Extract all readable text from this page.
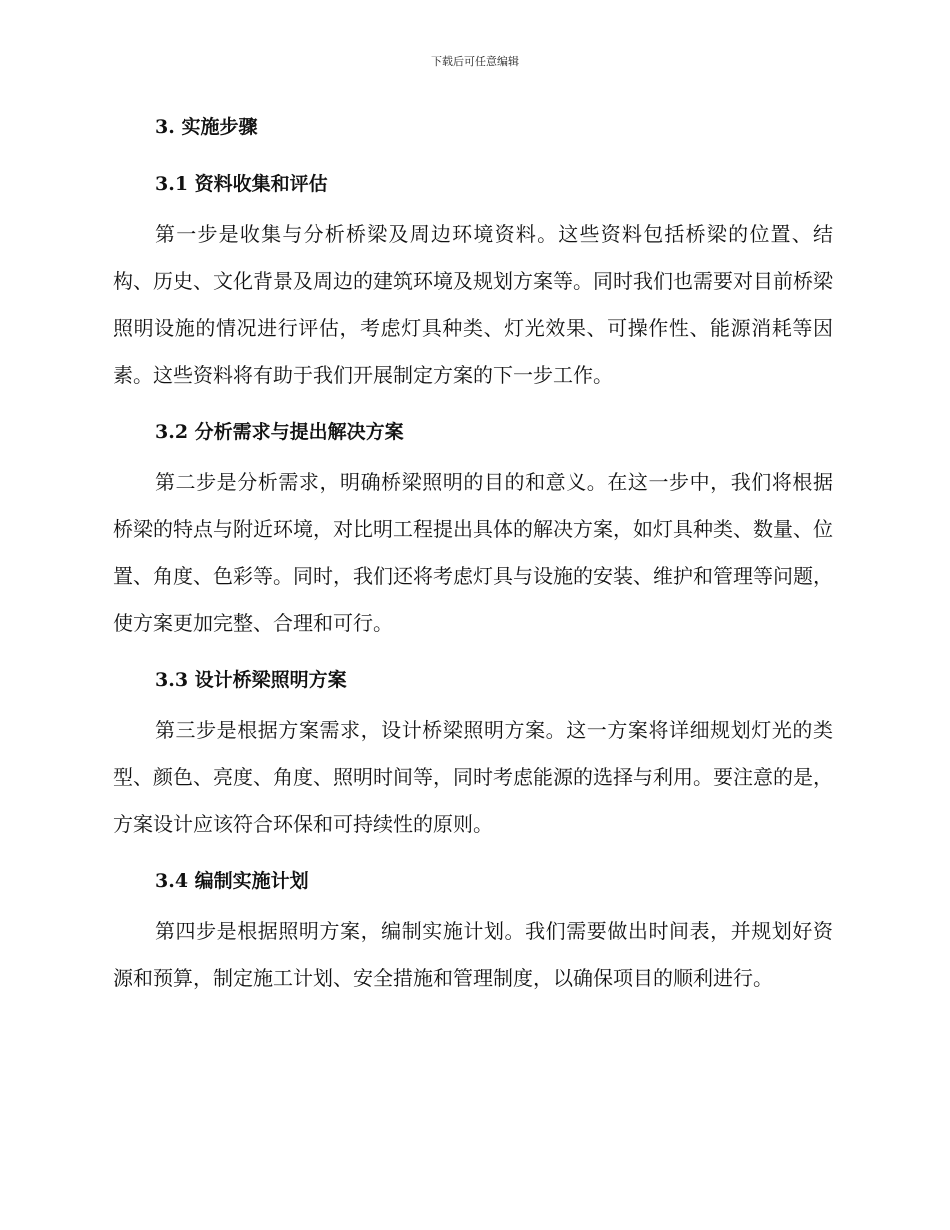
下载后可任意编辑
3. 实施步骤
3.1 资料收集和评估

第一步是收集与分析桥梁及周边环境资料。这些资料包括桥梁的位置、结构、历史、文化背景及周边的建筑环境及规划方案等。同时我们也需要对目前桥梁照明设施的情况进行评估，考虑灯具种类、灯光效果、可操作性、能源消耗等因素。这些资料将有助于我们开展制定方案的下一步工作。

3.2 分析需求与提出解决方案

第二步是分析需求，明确桥梁照明的目的和意义。在这一步中，我们将根据桥梁的特点与附近环境，对比明工程提出具体的解决方案，如灯具种类、数量、位置、角度、色彩等。同时，我们还将考虑灯具与设施的安装、维护和管理等问题，使方案更加完整、合理和可行。

3.3 设计桥梁照明方案

第三步是根据方案需求，设计桥梁照明方案。这一方案将详细规划灯光的类型、颜色、亮度、角度、照明时间等，同时考虑能源的选择与利用。要注意的是，方案设计应该符合环保和可持续性的原则。

3.4 编制实施计划

第四步是根据照明方案，编制实施计划。我们需要做出时间表，并规划好资源和预算，制定施工计划、安全措施和管理制度，以确保项目的顺利进行。
